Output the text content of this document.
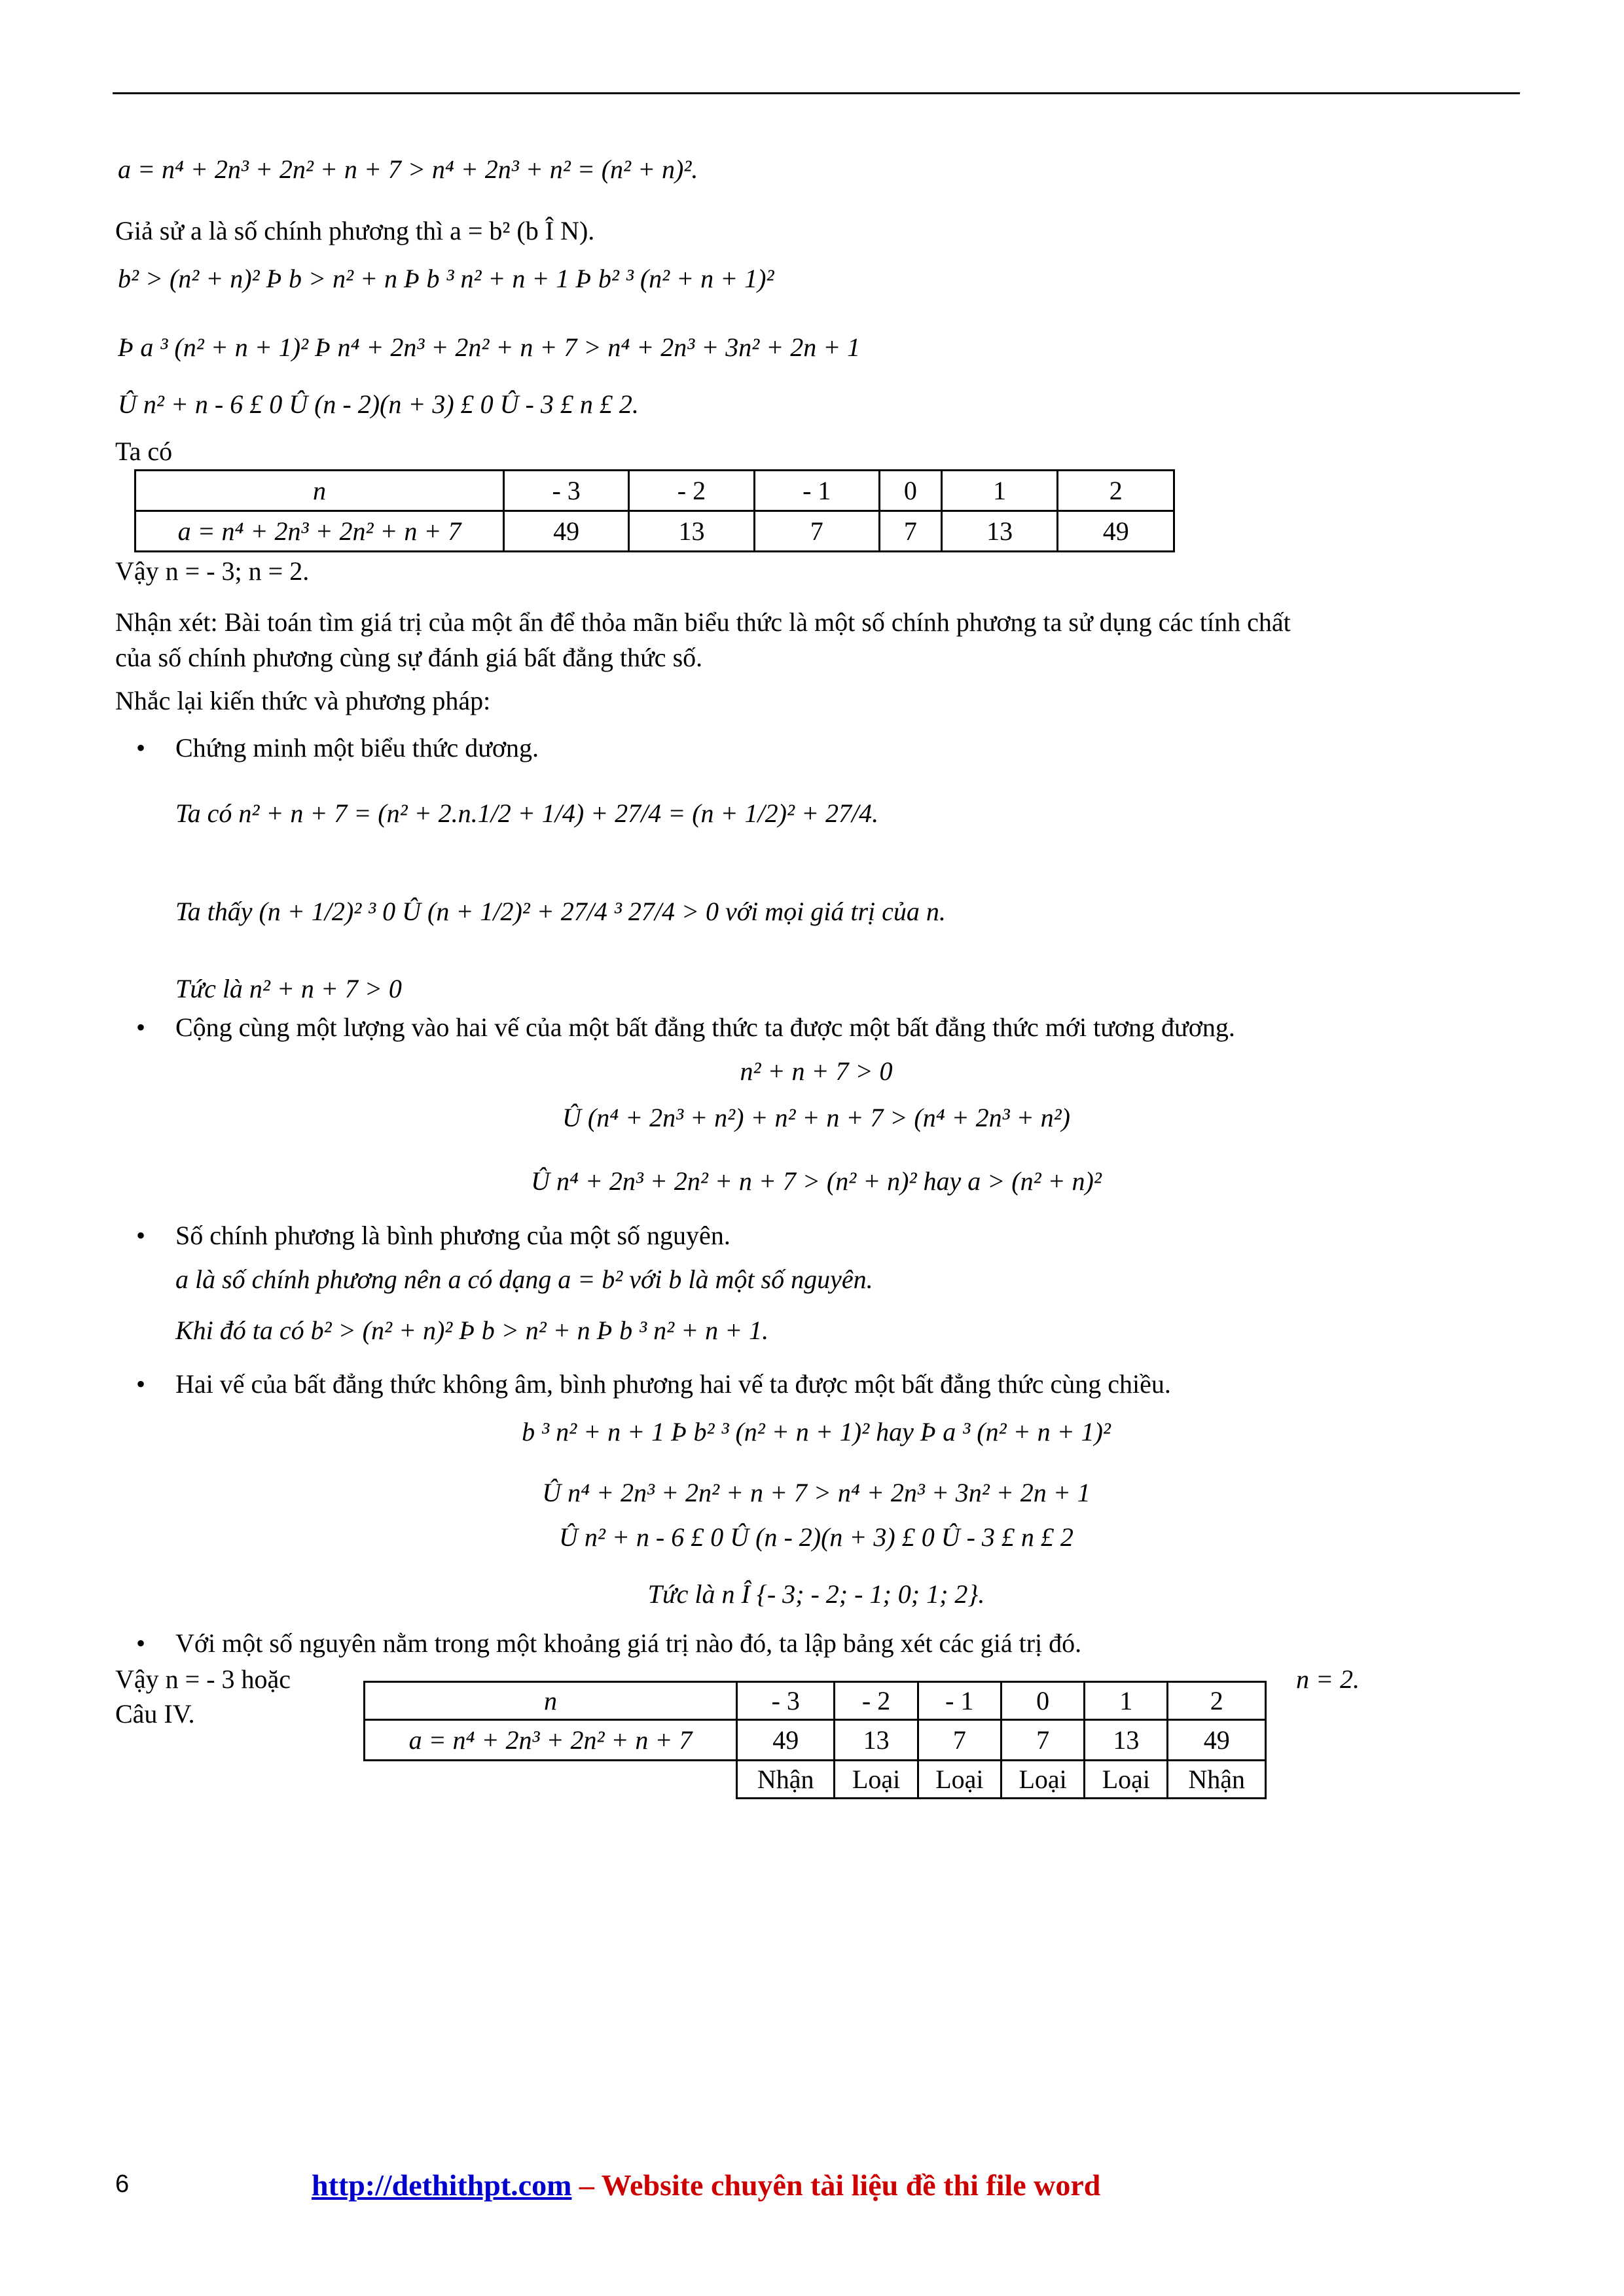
a = n⁴ + 2n³ + 2n² + n + 7 > n⁴ + 2n³ + n² = (n² + n)².
Giả sử a là số chính phương thì a = b² (b Î N).
b² > (n² + n)² Þ b > n² + n Þ b ³ n² + n + 1 Þ b² ³ (n² + n + 1)²
Þ a ³ (n² + n + 1)² Þ n⁴ + 2n³ + 2n² + n + 7 > n⁴ + 2n³ + 3n² + 2n + 1
Û n² + n - 6 £ 0 Û (n - 2)(n + 3) £ 0 Û - 3 £ n £ 2.
Ta có
n	- 3	- 2	- 1	0	1	2
a = n⁴ + 2n³ + 2n² + n + 7	49	13	7	7	13	49
Vậy n = - 3; n = 2.
Nhận xét: Bài toán tìm giá trị của một ẩn để thỏa mãn biểu thức là một số chính phương ta sử dụng các tính chất
của số chính phương cùng sự đánh giá bất đẳng thức số.
Nhắc lại kiến thức và phương pháp:
• Chứng minh một biểu thức dương.
Ta có n² + n + 7 = (n² + 2.n.1/2 + 1/4) + 27/4 = (n + 1/2)² + 27/4.
Ta thấy (n + 1/2)² ³ 0 Û (n + 1/2)² + 27/4 ³ 27/4 > 0 với mọi giá trị của n.
Tức là n² + n + 7 > 0
• Cộng cùng một lượng vào hai vế của một bất đẳng thức ta được một bất đẳng thức mới tương đương.
n² + n + 7 > 0
Û (n⁴ + 2n³ + n²) + n² + n + 7 > (n⁴ + 2n³ + n²)
Û n⁴ + 2n³ + 2n² + n + 7 > (n² + n)² hay a > (n² + n)²
• Số chính phương là bình phương của một số nguyên.
a là số chính phương nên a có dạng a = b² với b là một số nguyên.
Khi đó ta có b² > (n² + n)² Þ b > n² + n Þ b ³ n² + n + 1.
• Hai vế của bất đẳng thức không âm, bình phương hai vế ta được một bất đẳng thức cùng chiều.
b ³ n² + n + 1 Þ b² ³ (n² + n + 1)² hay Þ a ³ (n² + n + 1)²
Û n⁴ + 2n³ + 2n² + n + 7 > n⁴ + 2n³ + 3n² + 2n + 1
Û n² + n - 6 £ 0 Û (n - 2)(n + 3) £ 0 Û - 3 £ n £ 2
Tức là n Î {- 3; - 2; - 1; 0; 1; 2}.
• Với một số nguyên nằm trong một khoảng giá trị nào đó, ta lập bảng xét các giá trị đó.
Vậy n = - 3 hoặc
Câu IV.
n = 2.
n	- 3	- 2	- 1	0	1	2
a = n⁴ + 2n³ + 2n² + n + 7	49	13	7	7	13	49
	Nhận	Loại	Loại	Loại	Loại	Nhận
6	http://dethithpt.com – Website chuyên tài liệu đề thi file word
